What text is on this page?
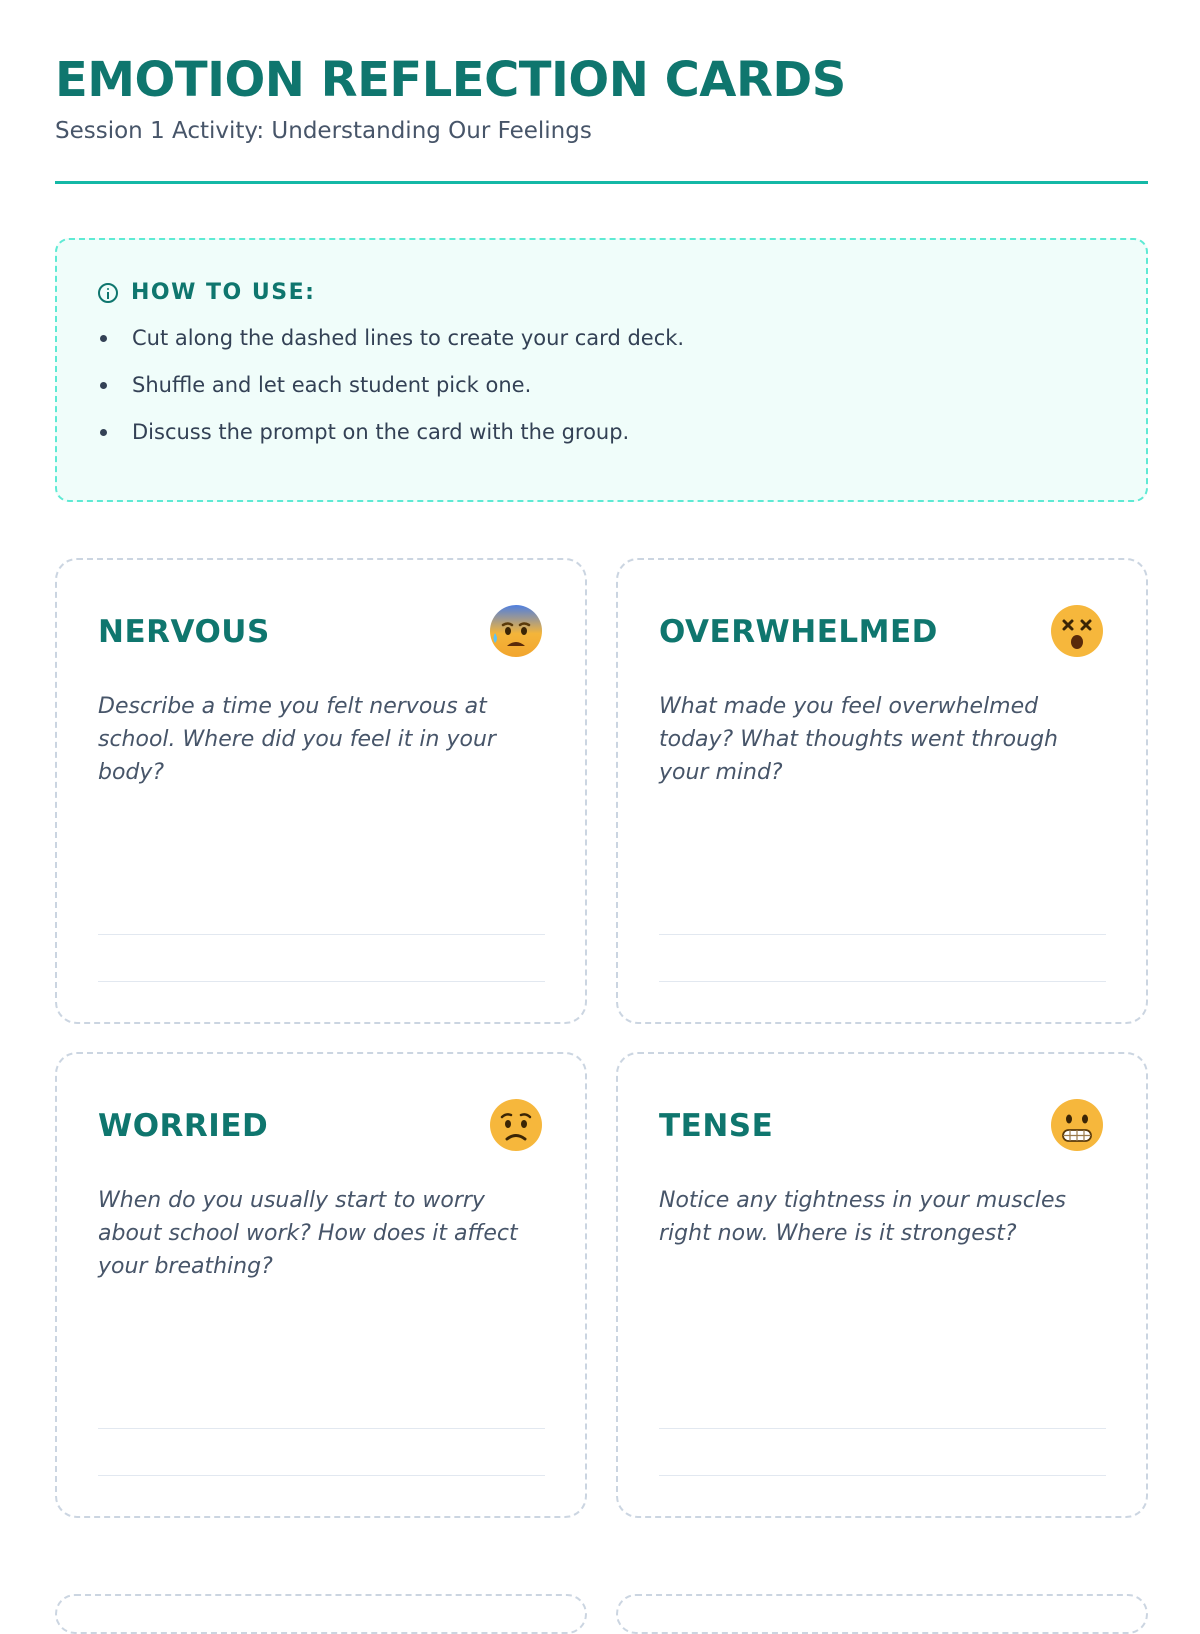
EMOTION REFLECTION CARDS
Session 1 Activity: Understanding Our Feelings
HOW TO USE:
Cut along the dashed lines to create your card deck.
Shuffle and let each student pick one.
Discuss the prompt on the card with the group.
NERVOUS
Describe a time you felt nervous at school. Where did you feel it in your body?
OVERWHELMED
What made you feel overwhelmed today? What thoughts went through your mind?
WORRIED
When do you usually start to worry about school work? How does it affect your breathing?
TENSE
Notice any tightness in your muscles right now. Where is it strongest?
